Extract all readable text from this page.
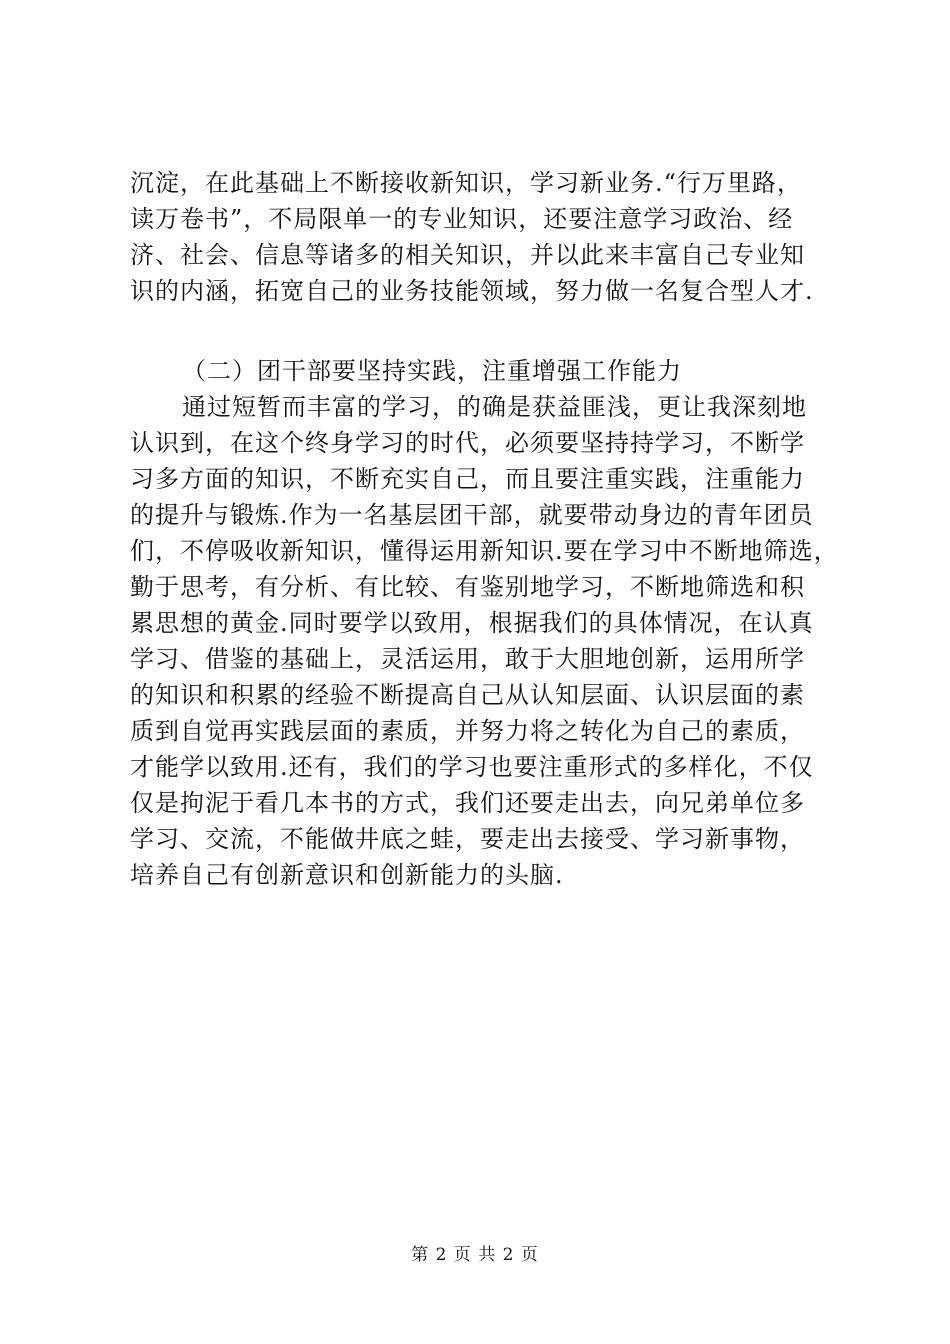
沉淀，在此基础上不断接收新知识，学习新业务.“行万里路，
读万卷书”，不局限单一的专业知识，还要注意学习政治、经
济、社会、信息等诸多的相关知识，并以此来丰富自己专业知
识的内涵，拓宽自己的业务技能领域，努力做一名复合型人才.
（二）团干部要坚持实践，注重增强工作能力
通过短暂而丰富的学习，的确是获益匪浅，更让我深刻地
认识到，在这个终身学习的时代，必须要坚持持学习，不断学
习多方面的知识，不断充实自己，而且要注重实践，注重能力
的提升与锻炼.作为一名基层团干部，就要带动身边的青年团员
们，不停吸收新知识，懂得运用新知识.要在学习中不断地筛选，
勤于思考，有分析、有比较、有鉴别地学习，不断地筛选和积
累思想的黄金.同时要学以致用，根据我们的具体情况，在认真
学习、借鉴的基础上，灵活运用，敢于大胆地创新，运用所学
的知识和积累的经验不断提高自己从认知层面、认识层面的素
质到自觉再实践层面的素质，并努力将之转化为自己的素质，
才能学以致用.还有，我们的学习也要注重形式的多样化，不仅
仅是拘泥于看几本书的方式，我们还要走出去，向兄弟单位多
学习、交流，不能做井底之蛙，要走出去接受、学习新事物，
培养自己有创新意识和创新能力的头脑.
第 2 页 共 2 页
